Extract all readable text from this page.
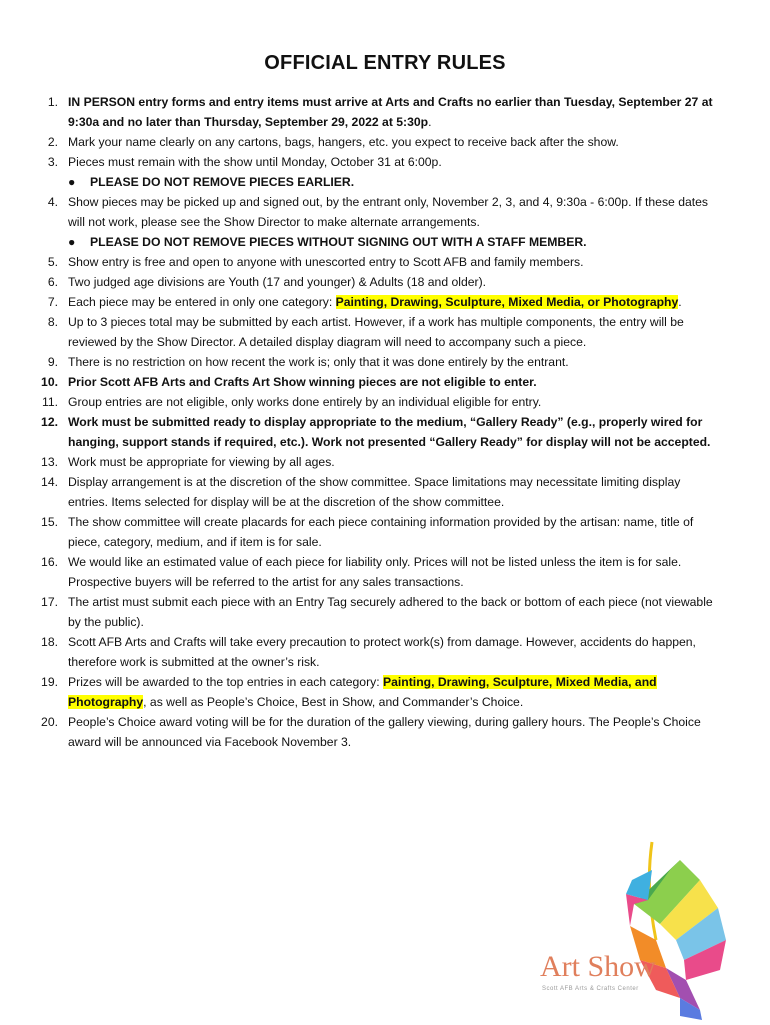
OFFICIAL ENTRY RULES
1. IN PERSON entry forms and entry items must arrive at Arts and Crafts no earlier than Tuesday, September 27 at 9:30a and no later than Thursday, September 29, 2022 at 5:30p.
2. Mark your name clearly on any cartons, bags, hangers, etc. you expect to receive back after the show.
3. Pieces must remain with the show until Monday, October 31 at 6:00p.
● PLEASE DO NOT REMOVE PIECES EARLIER.
4. Show pieces may be picked up and signed out, by the entrant only, November 2, 3, and 4, 9:30a - 6:00p. If these dates will not work, please see the Show Director to make alternate arrangements.
● PLEASE DO NOT REMOVE PIECES WITHOUT SIGNING OUT WITH A STAFF MEMBER.
5. Show entry is free and open to anyone with unescorted entry to Scott AFB and family members.
6. Two judged age divisions are Youth (17 and younger) & Adults (18 and older).
7. Each piece may be entered in only one category: Painting, Drawing, Sculpture, Mixed Media, or Photography.
8. Up to 3 pieces total may be submitted by each artist. However, if a work has multiple components, the entry will be reviewed by the Show Director. A detailed display diagram will need to accompany such a piece.
9. There is no restriction on how recent the work is; only that it was done entirely by the entrant.
10. Prior Scott AFB Arts and Crafts Art Show winning pieces are not eligible to enter.
11. Group entries are not eligible, only works done entirely by an individual eligible for entry.
12. Work must be submitted ready to display appropriate to the medium, “Gallery Ready” (e.g., properly wired for hanging, support stands if required, etc.). Work not presented “Gallery Ready” for display will not be accepted.
13. Work must be appropriate for viewing by all ages.
14. Display arrangement is at the discretion of the show committee. Space limitations may necessitate limiting display entries. Items selected for display will be at the discretion of the show committee.
15. The show committee will create placards for each piece containing information provided by the artisan: name, title of piece, category, medium, and if item is for sale.
16. We would like an estimated value of each piece for liability only. Prices will not be listed unless the item is for sale. Prospective buyers will be referred to the artist for any sales transactions.
17. The artist must submit each piece with an Entry Tag securely adhered to the back or bottom of each piece (not viewable by the public).
18. Scott AFB Arts and Crafts will take every precaution to protect work(s) from damage. However, accidents do happen, therefore work is submitted at the owner’s risk.
19. Prizes will be awarded to the top entries in each category: Painting, Drawing, Sculpture, Mixed Media, and Photography, as well as People’s Choice, Best in Show, and Commander’s Choice.
20. People’s Choice award voting will be for the duration of the gallery viewing, during gallery hours. The People’s Choice award will be announced via Facebook November 3.
Art Show
Scott AFB Arts & Crafts Center
